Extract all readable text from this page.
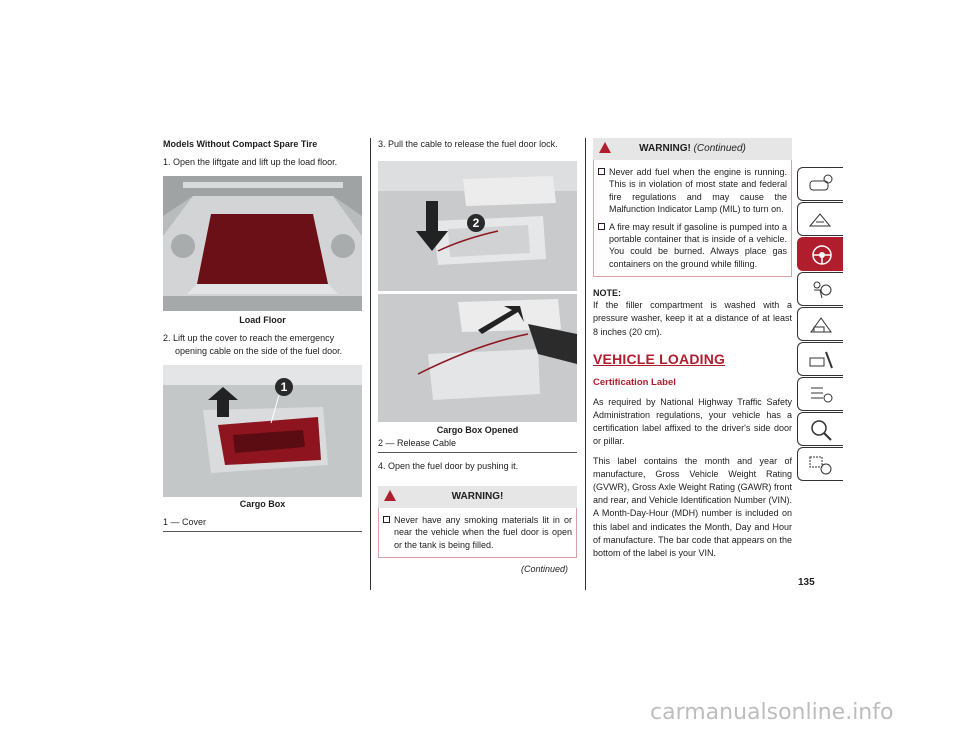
Models Without Compact Spare Tire
1. Open the liftgate and lift up the load floor.
Load Floor
2. Lift up the cover to reach the emergency opening cable on the side of the fuel door.
1
Cargo Box
1 — Cover
3. Pull the cable to release the fuel door lock.
2
Cargo Box Opened
2 — Release Cable
4. Open the fuel door by pushing it.
WARNING!
Never have any smoking materials lit in or near the vehicle when the fuel door is open or the tank is being filled.
(Continued)
WARNING! (Continued)
Never add fuel when the engine is running. This is in violation of most state and federal fire regulations and may cause the Malfunction Indicator Lamp (MIL) to turn on.
A fire may result if gasoline is pumped into a portable container that is inside of a vehicle. You could be burned. Always place gas containers on the ground while filling.
NOTE:
If the filler compartment is washed with a pressure washer, keep it at a distance of at least 8 inches (20 cm).
VEHICLE LOADING
Certification Label
As required by National Highway Traffic Safety Administration regulations, your vehicle has a certification label affixed to the driver's side door or pillar.
This label contains the month and year of manufacture, Gross Vehicle Weight Rating (GVWR), Gross Axle Weight Rating (GAWR) front and rear, and Vehicle Identification Number (VIN). A Month-Day-Hour (MDH) number is included on this label and indicates the Month, Day and Hour of manufacture. The bar code that appears on the bottom of the label is your VIN.
135
carmanualsonline.info
